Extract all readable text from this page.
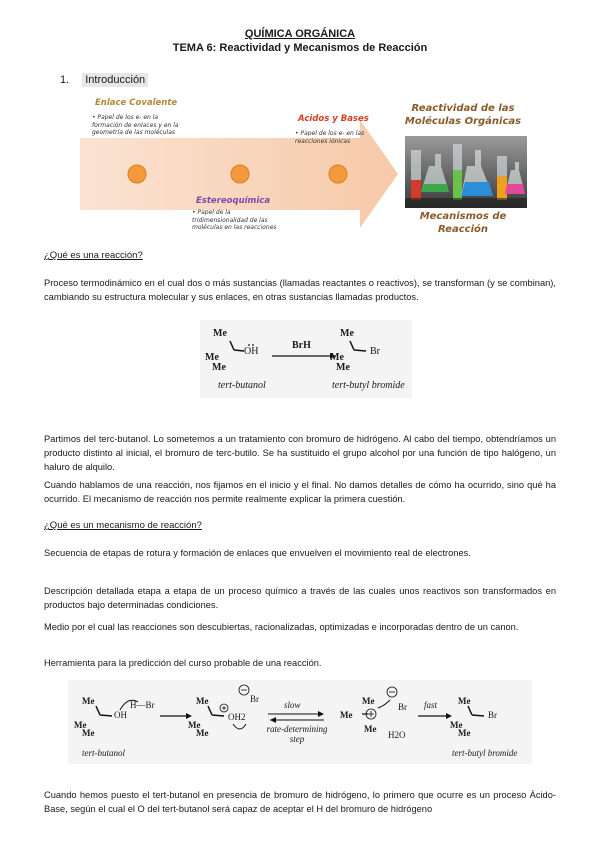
QUÍMICA ORGÁNICA
TEMA 6: Reactividad y Mecanismos de Reacción
1. Introducción
Enlace Covalente
• Papel de los e- en la formación de enlaces y en la geometría de las moléculas
Estereoquímica
• Papel de la tridimensionalidad de las moléculas en las reacciones
Acidos y Bases
• Papel de los e- en las reacciones iónicas
Reactividad de las Moléculas Orgánicas
Mecanismos de Reacción
¿Qué es una reacción?
Proceso termodinámico en el cual dos o más sustancias (llamadas reactantes o reactivos), se transforman (y se combinan), cambiando su estructura molecular y sus enlaces, en otras sustancias llamadas productos.
Me
Me
Me
OH
BrH
Me
Me
Me
Br
tert-butanol	tert-butyl bromide
Partimos del terc-butanol. Lo sometemos a un tratamiento con bromuro de hidrógeno. Al cabo del tiempo, obtendríamos un producto distinto al inicial, el bromuro de terc-butilo. Se ha sustituido el grupo alcohol por una función de tipo halógeno, un haluro de alquilo.
Cuando hablamos de una reacción, nos fijamos en el inicio y el final. No damos detalles de cómo ha ocurrido, sino qué ha ocurrido. El mecanismo de reacción nos permite realmente explicar la primera cuestión.
¿Qué es un mecanismo de reacción?
Secuencia de etapas de rotura y formación de enlaces que envuelven el movimiento real de electrones.
Descripción detallada etapa a etapa de un proceso químico a través de las cuales unos reactivos son transformados en productos bajo determinadas condiciones.
Medio por el cual las reacciones son descubiertas, racionalizadas, optimizadas e incorporadas dentro de un canon.
Herramienta para la predicción del curso probable de una reacción.
Me
Me
Me
OH
H—Br	Me
Me
Me
OH2
Br
slow
rate-determining step
Me
Me
Me
Br
H2O
fast Me
Me
Me
Br
tert-butanol	tert-butyl bromide
Cuando hemos puesto el tert-butanol en presencia de bromuro de hidrógeno, lo primero que ocurre es un proceso Ácido-Base, según el cual el O del tert-butanol será capaz de aceptar el H del bromuro de hidrógeno
